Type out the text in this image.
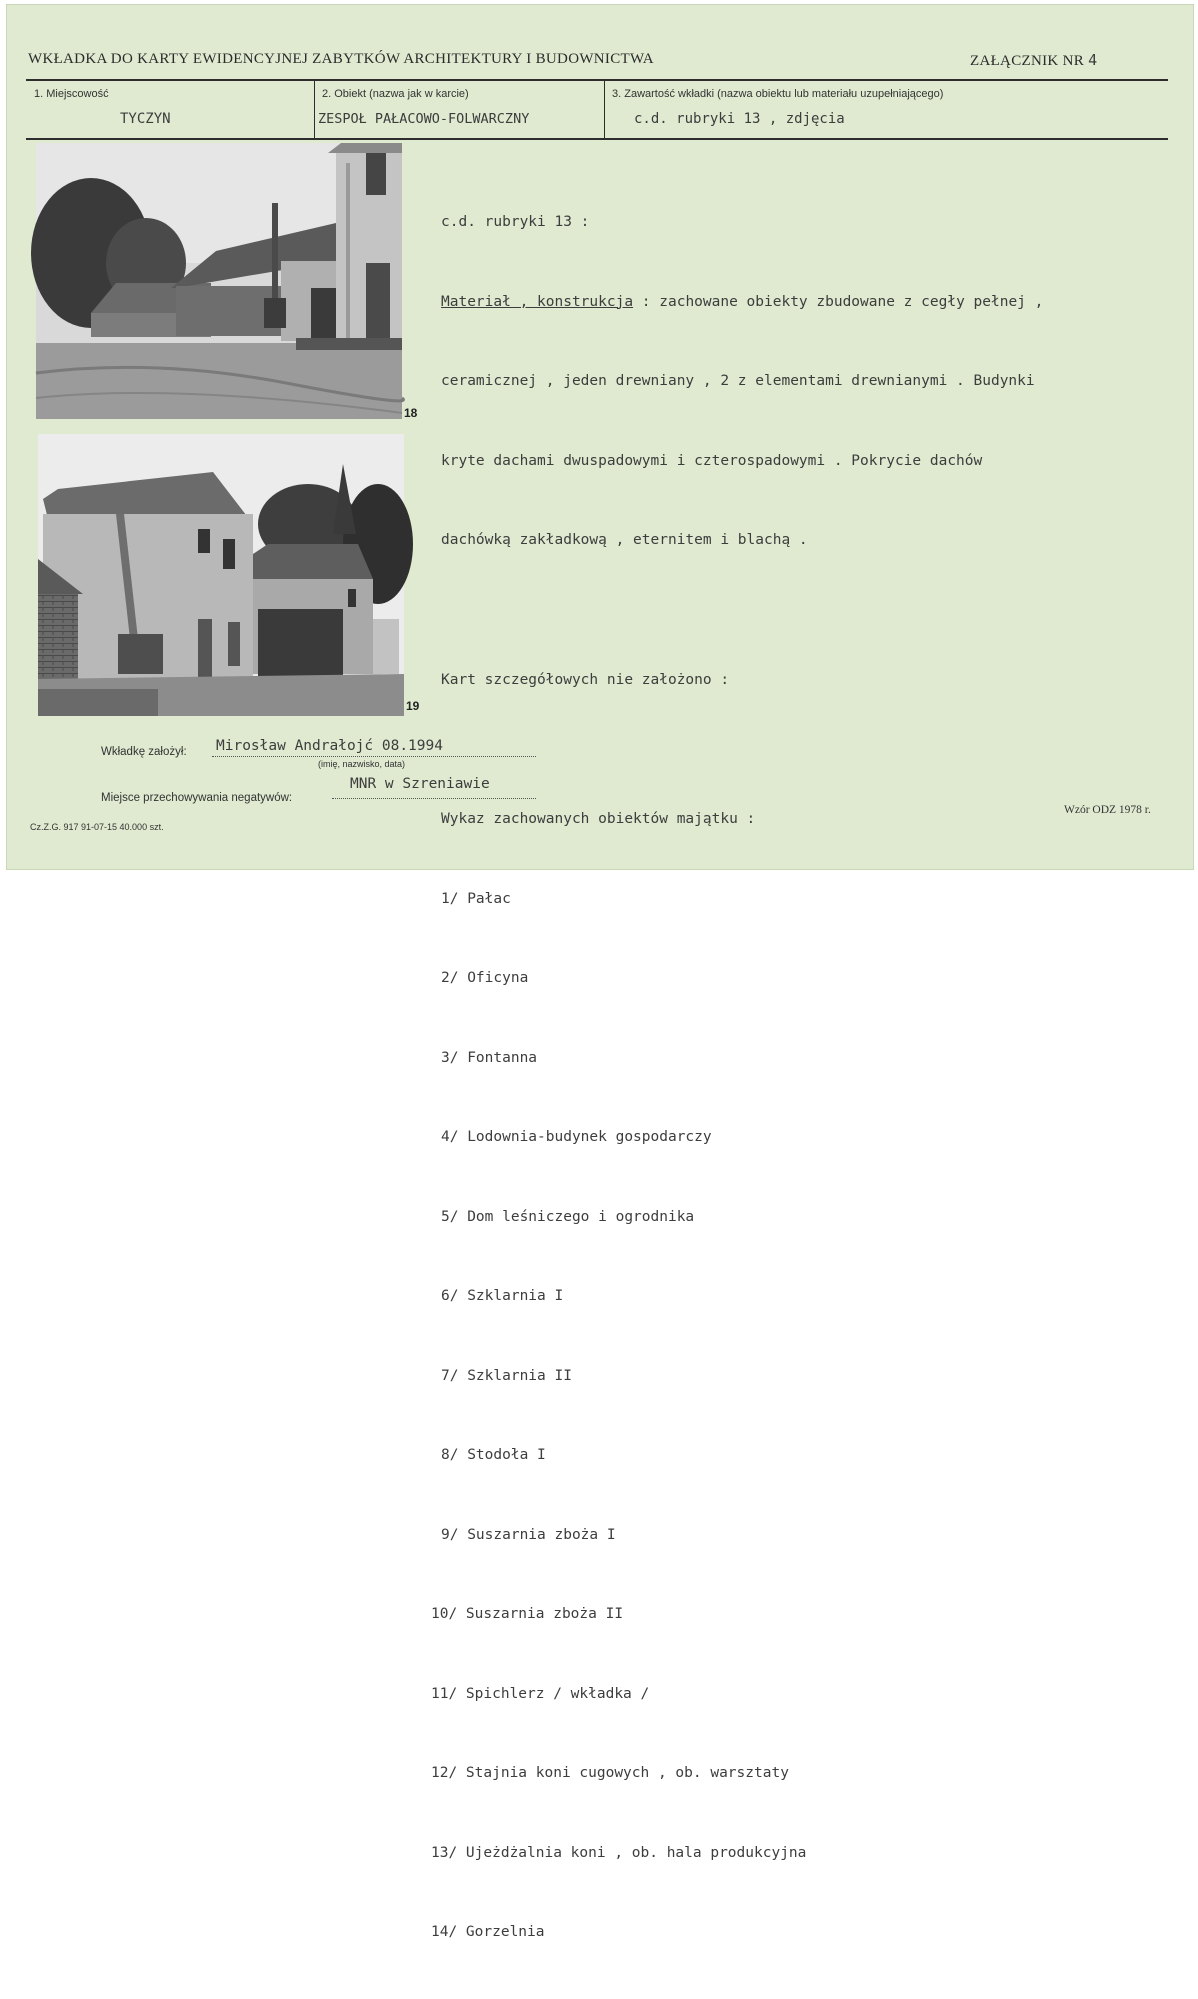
WKŁADKA DO KARTY EWIDENCYJNEJ ZABYTKÓW ARCHITEKTURY I BUDOWNICTWA	ZAŁĄCZNIK NR 4
1. Miejscowość
TYCZYN
2. Obiekt (nazwa jak w karcie)
ZESPOŁ PAŁACOWO-FOLWARCZNY
3. Zawartość wkładki (nazwa obiektu lub materiału uzupełniającego)
c.d. rubryki 13 , zdjęcia
18
19

c.d. rubryki 13 :

Materiał , konstrukcja : zachowane obiekty zbudowane z cegły pełnej ,

ceramicznej , jeden drewniany , 2 z elementami drewnianymi . Budynki

kryte dachami dwuspadowymi i czterospadowymi . Pokrycie dachów

dachówką zakładkową , eternitem i blachą .

Kart szczegółowych nie założono :

Wykaz zachowanych obiektów majątku :

1/ Pałac

2/ Oficyna

3/ Fontanna

4/ Lodownia-budynek gospodarczy

5/ Dom leśniczego i ogrodnika

6/ Szklarnia I

7/ Szklarnia II

8/ Stodoła I

9/ Suszarnia zboża I

10/ Suszarnia zboża II

11/ Spichlerz / wkładka /

12/ Stajnia koni cugowych , ob. warsztaty

13/ Ujeżdżalnia koni , ob. hala produkcyjna

14/ Gorzelnia

Wkładkę założył: Mirosław Andrałojć 08.1994
(imię, nazwisko, data)
Miejsce przechowywania negatywów:
MNR w Szreniawie
Wzór ODZ 1978 r.
Cz.Z.G. 917 91-07-15 40.000 szt.
